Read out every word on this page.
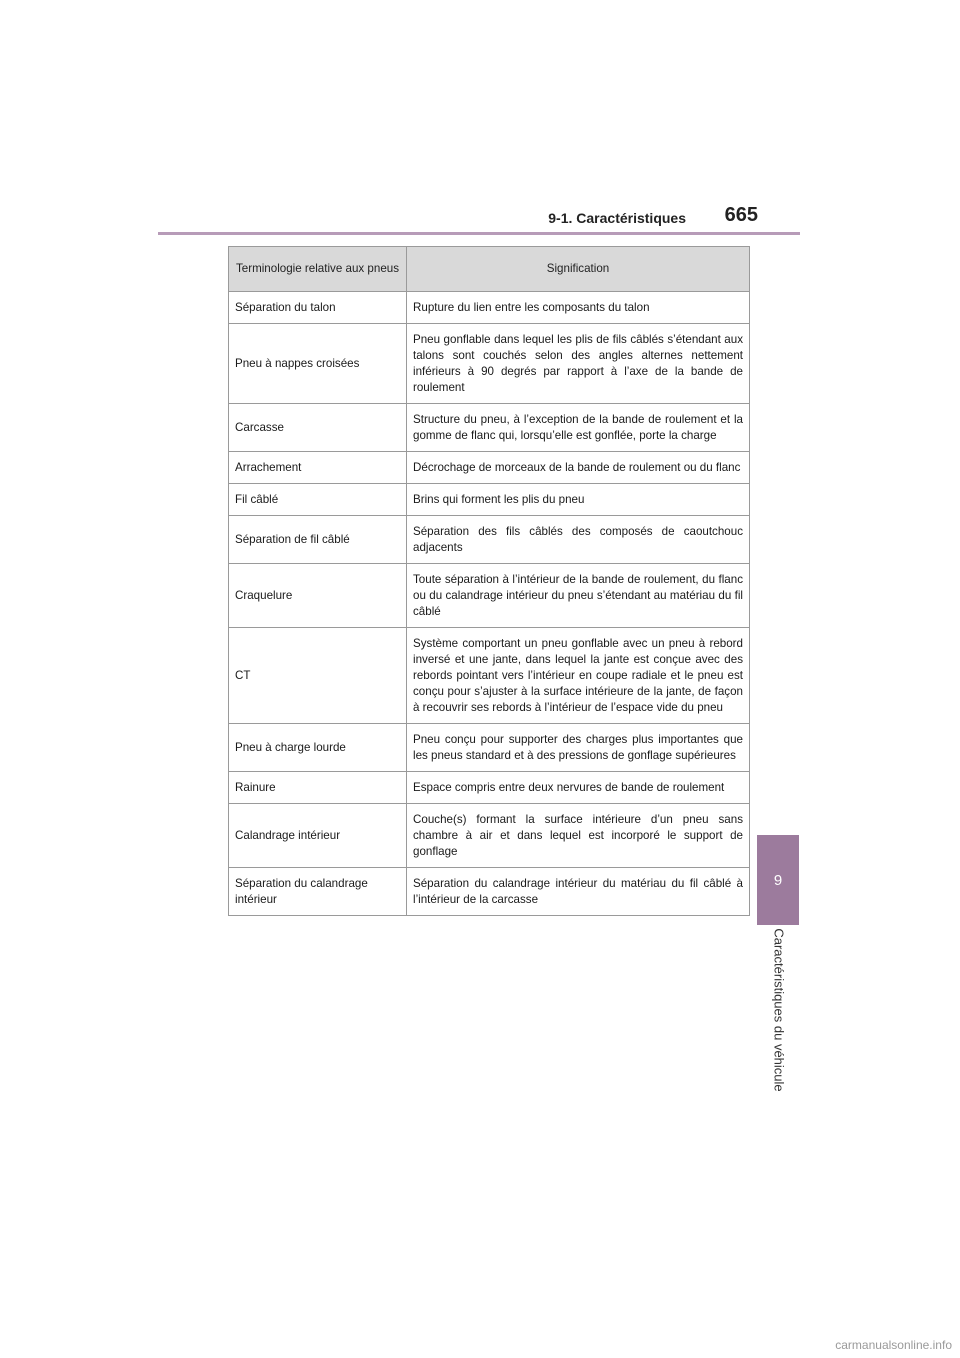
9-1. Caractéristiques 665
9
Caractéristiques du véhicule
Terminologie relative aux pneus	Signification
Séparation du talon	Rupture du lien entre les composants du talon
Pneu à nappes croisées	Pneu gonflable dans lequel les plis de fils câblés s’étendant aux talons sont couchés selon des angles alternes nettement inférieurs à 90 degrés par rapport à l’axe de la bande de roulement
Carcasse	Structure du pneu, à l’exception de la bande de roulement et la gomme de flanc qui, lorsqu’elle est gonflée, porte la charge
Arrachement	Décrochage de morceaux de la bande de roulement ou du flanc
Fil câblé	Brins qui forment les plis du pneu
Séparation de fil câblé	Séparation des fils câblés des composés de caoutchouc adjacents
Craquelure	Toute séparation à l’intérieur de la bande de roulement, du flanc ou du calandrage intérieur du pneu s’étendant au matériau du fil câblé
CT	Système comportant un pneu gonflable avec un pneu à rebord inversé et une jante, dans lequel la jante est conçue avec des rebords pointant vers l’intérieur en coupe radiale et le pneu est conçu pour s’ajuster à la surface intérieure de la jante, de façon à recouvrir ses rebords à l’intérieur de l’espace vide du pneu
Pneu à charge lourde	Pneu conçu pour supporter des charges plus importantes que les pneus standard et à des pressions de gonflage supérieures
Rainure	Espace compris entre deux nervures de bande de roulement
Calandrage intérieur	Couche(s) formant la surface intérieure d’un pneu sans chambre à air et dans lequel est incorporé le support de gonflage
Séparation du calandrage intérieur	Séparation du calandrage intérieur du matériau du fil câblé à l’intérieur de la carcasse
carmanualsonline.info
